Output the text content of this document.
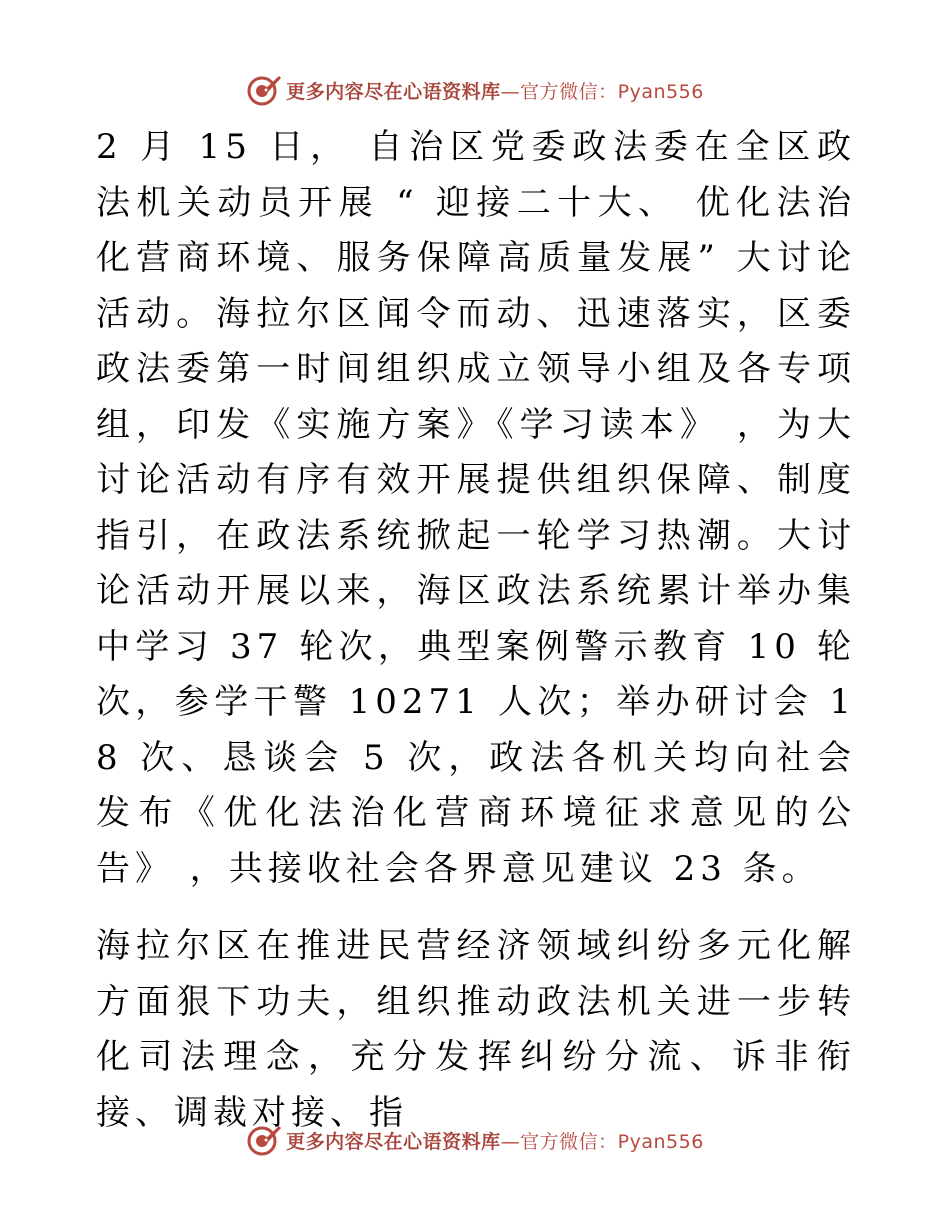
更多内容尽在心语资料库—官方微信：Pyan556

2 月 15 日， 自治区党委政法委在全区政法机关动员开展 “ 迎接二十大、 优化法治化营商环境、服务保障高质量发展” 大讨论活动。海拉尔区闻令而动、迅速落实，区委政法委第一时间组织成立领导小组及各专项组，印发《实施方案》《学习读本》 ，为大讨论活动有序有效开展提供组织保障、制度指引，在政法系统掀起一轮学习热潮。大讨论活动开展以来，海区政法系统累计举办集中学习 37 轮次，典型案例警示教育 10 轮次，参学干警 10271 人次；举办研讨会 18 次、恳谈会 5 次，政法各机关均向社会发布《优化法治化营商环境征求意见的公告》 ，共接收社会各界意见建议 23 条。

海拉尔区在推进民营经济领域纠纷多元化解方面狠下功夫，组织推动政法机关进一步转化司法理念，充分发挥纠纷分流、诉非衔接、调裁对接、指

更多内容尽在心语资料库—官方微信：Pyan556
